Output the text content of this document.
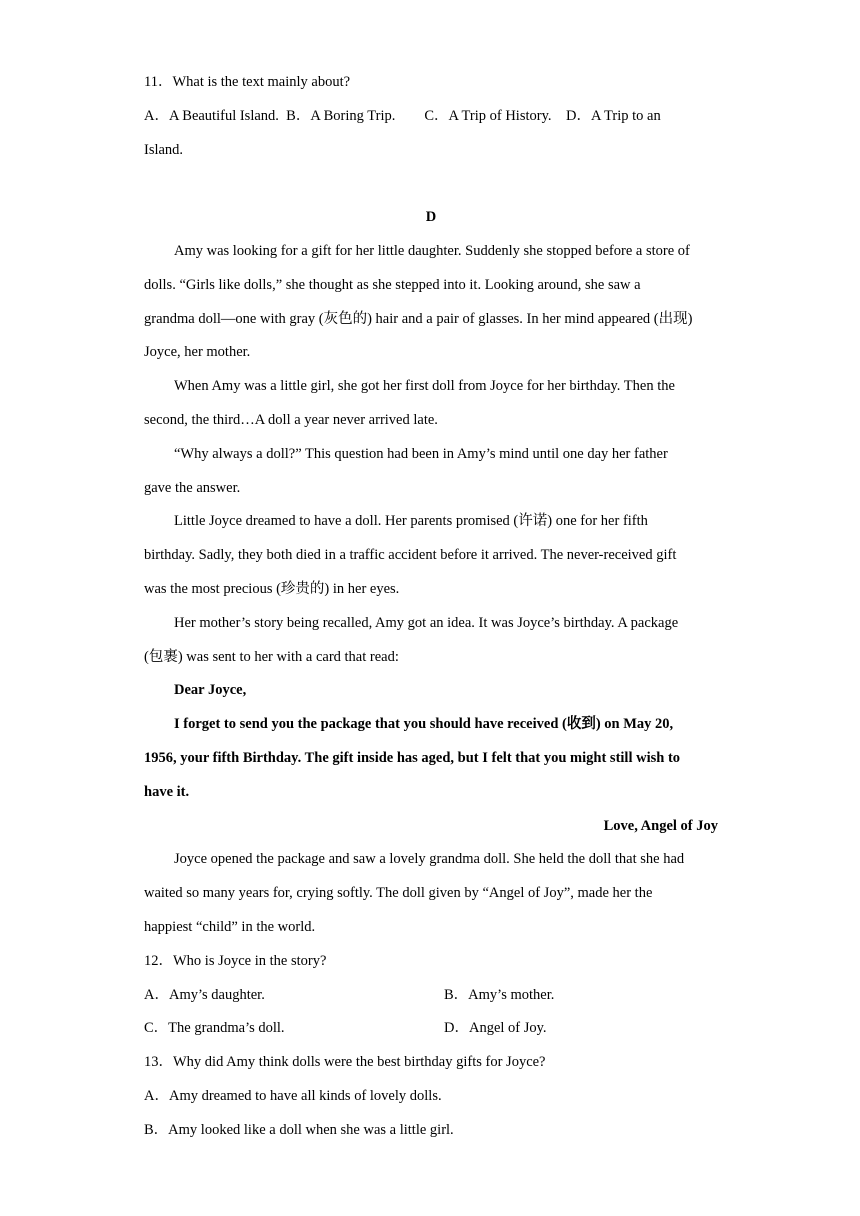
11．What is the text mainly about?
A．A Beautiful Island.  B．A Boring Trip.        C．A Trip of History.    D．A Trip to an
Island.
D
Amy was looking for a gift for her little daughter. Suddenly she stopped before a store of
dolls. “Girls like dolls,” she thought as she stepped into it. Looking around, she saw a
grandma doll—one with gray (灰色的) hair and a pair of glasses. In her mind appeared (出现)
Joyce, her mother.
When Amy was a little girl, she got her first doll from Joyce for her birthday. Then the
second, the third…A doll a year never arrived late.
“Why always a doll?” This question had been in Amy’s mind until one day her father
gave the answer.
Little Joyce dreamed to have a doll. Her parents promised (许诺) one for her fifth
birthday. Sadly, they both died in a traffic accident before it arrived. The never-received gift
was the most precious (珍贵的) in her eyes.
Her mother’s story being recalled, Amy got an idea. It was Joyce’s birthday. A package
(包裹) was sent to her with a card that read:
Dear Joyce,
I forget to send you the package that you should have received (收到) on May 20,
1956, your fifth Birthday. The gift inside has aged, but I felt that you might still wish to
have it.
Love, Angel of Joy
Joyce opened the package and saw a lovely grandma doll. She held the doll that she had
waited so many years for, crying softly. The doll given by “Angel of Joy”, made her the
happiest “child” in the world.
12．Who is Joyce in the story?
A．Amy’s daughter.	B．Amy’s mother.
C．The grandma’s doll.	D．Angel of Joy.
13．Why did Amy think dolls were the best birthday gifts for Joyce?
A．Amy dreamed to have all kinds of lovely dolls.
B．Amy looked like a doll when she was a little girl.
